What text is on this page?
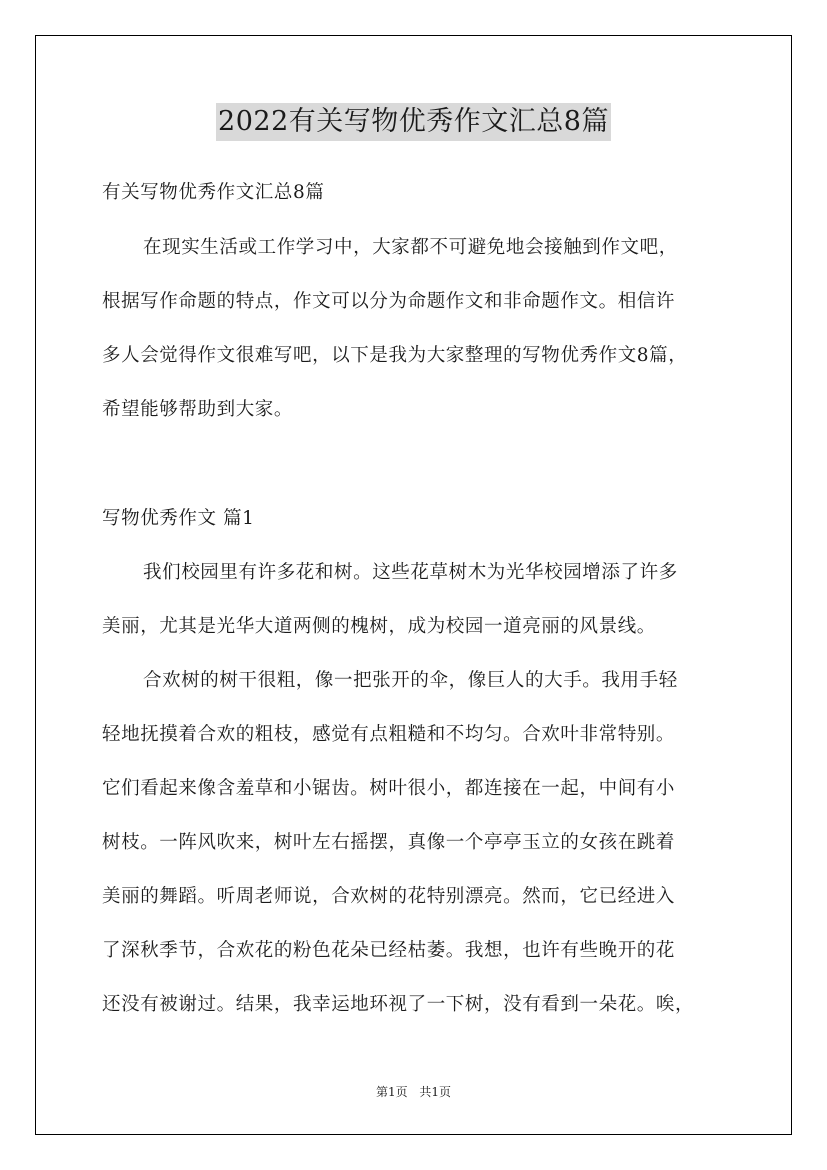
2022有关写物优秀作文汇总8篇
有关写物优秀作文汇总8篇
在现实生活或工作学习中，大家都不可避免地会接触到作文吧，
根据写作命题的特点，作文可以分为命题作文和非命题作文。相信许
多人会觉得作文很难写吧，以下是我为大家整理的写物优秀作文8篇，
希望能够帮助到大家。
写物优秀作文 篇1
我们校园里有许多花和树。这些花草树木为光华校园增添了许多
美丽，尤其是光华大道两侧的槐树，成为校园一道亮丽的风景线。
合欢树的树干很粗，像一把张开的伞，像巨人的大手。我用手轻
轻地抚摸着合欢的粗枝，感觉有点粗糙和不均匀。合欢叶非常特别。
它们看起来像含羞草和小锯齿。树叶很小，都连接在一起，中间有小
树枝。一阵风吹来，树叶左右摇摆，真像一个亭亭玉立的女孩在跳着
美丽的舞蹈。听周老师说，合欢树的花特别漂亮。然而，它已经进入
了深秋季节，合欢花的粉色花朵已经枯萎。我想，也许有些晚开的花
还没有被谢过。结果，我幸运地环视了一下树，没有看到一朵花。唉，
第1页 共1页
